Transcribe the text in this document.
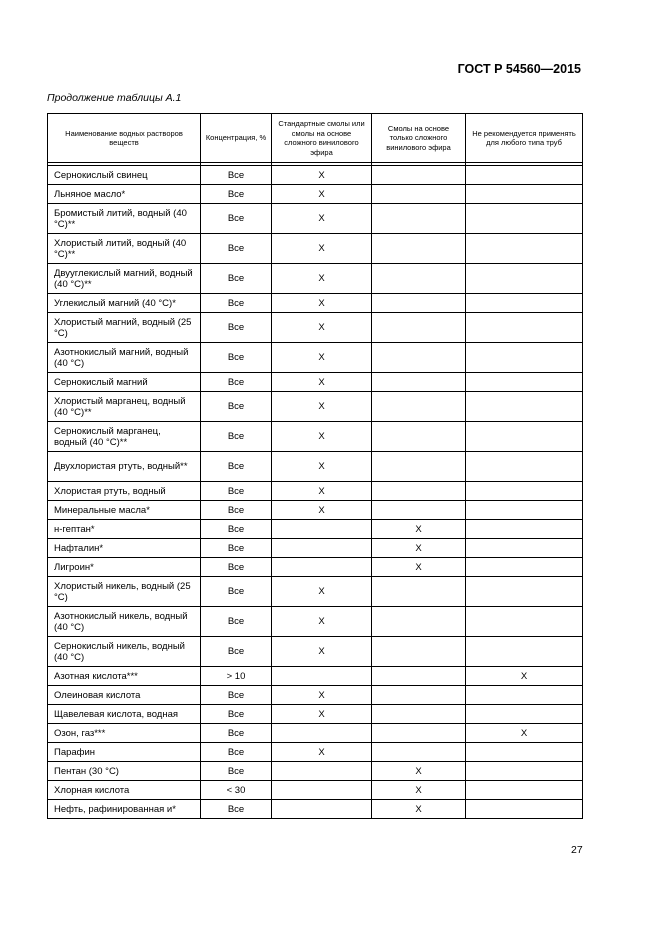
ГОСТ Р 54560—2015
Продолжение таблицы А.1
Наименование водных растворов веществ	Концентрация, %	Стандартные смолы или смолы на основе сложного винилового эфира	Смолы на основе только сложного винилового эфира	Не рекомендуется применять для любого типа труб

Сернокислый свинец	Все	X		
Льняное масло*	Все	X		
Бромистый литий, водный (40 °С)**	Все	X		
Хлористый литий, водный (40 °С)**	Все	X		
Двууглекислый магний, водный (40 °С)**	Все	X		
Углекислый магний (40 °С)*	Все	X		
Хлористый магний, водный (25 °С)	Все	X		
Азотнокислый магний, водный (40 °С)	Все	X		
Сернокислый магний	Все	X		
Хлористый марганец, водный (40 °С)**	Все	X		
Сернокислый марганец, водный (40 °С)**	Все	X		
Двухлористая ртуть, водный**	Все	X		
Хлористая ртуть, водный	Все	X		
Минеральные масла*	Все	X		
н-гептан*	Все		X	
Нафталин*	Все		X	
Лигроин*	Все		X	
Хлористый никель, водный (25 °С)	Все	X		
Азотнокислый никель, водный (40 °С)	Все	X		
Сернокислый никель, водный (40 °С)	Все	X		
Азотная кислота***	> 10			X
Олеиновая кислота	Все	X		
Щавелевая кислота, водная	Все	X		
Озон, газ***	Все			X
Парафин	Все	X		
Пентан (30 °С)	Все		X	
Хлорная кислота	< 30		X	
Нефть, рафинированная и*	Все		X	
27
